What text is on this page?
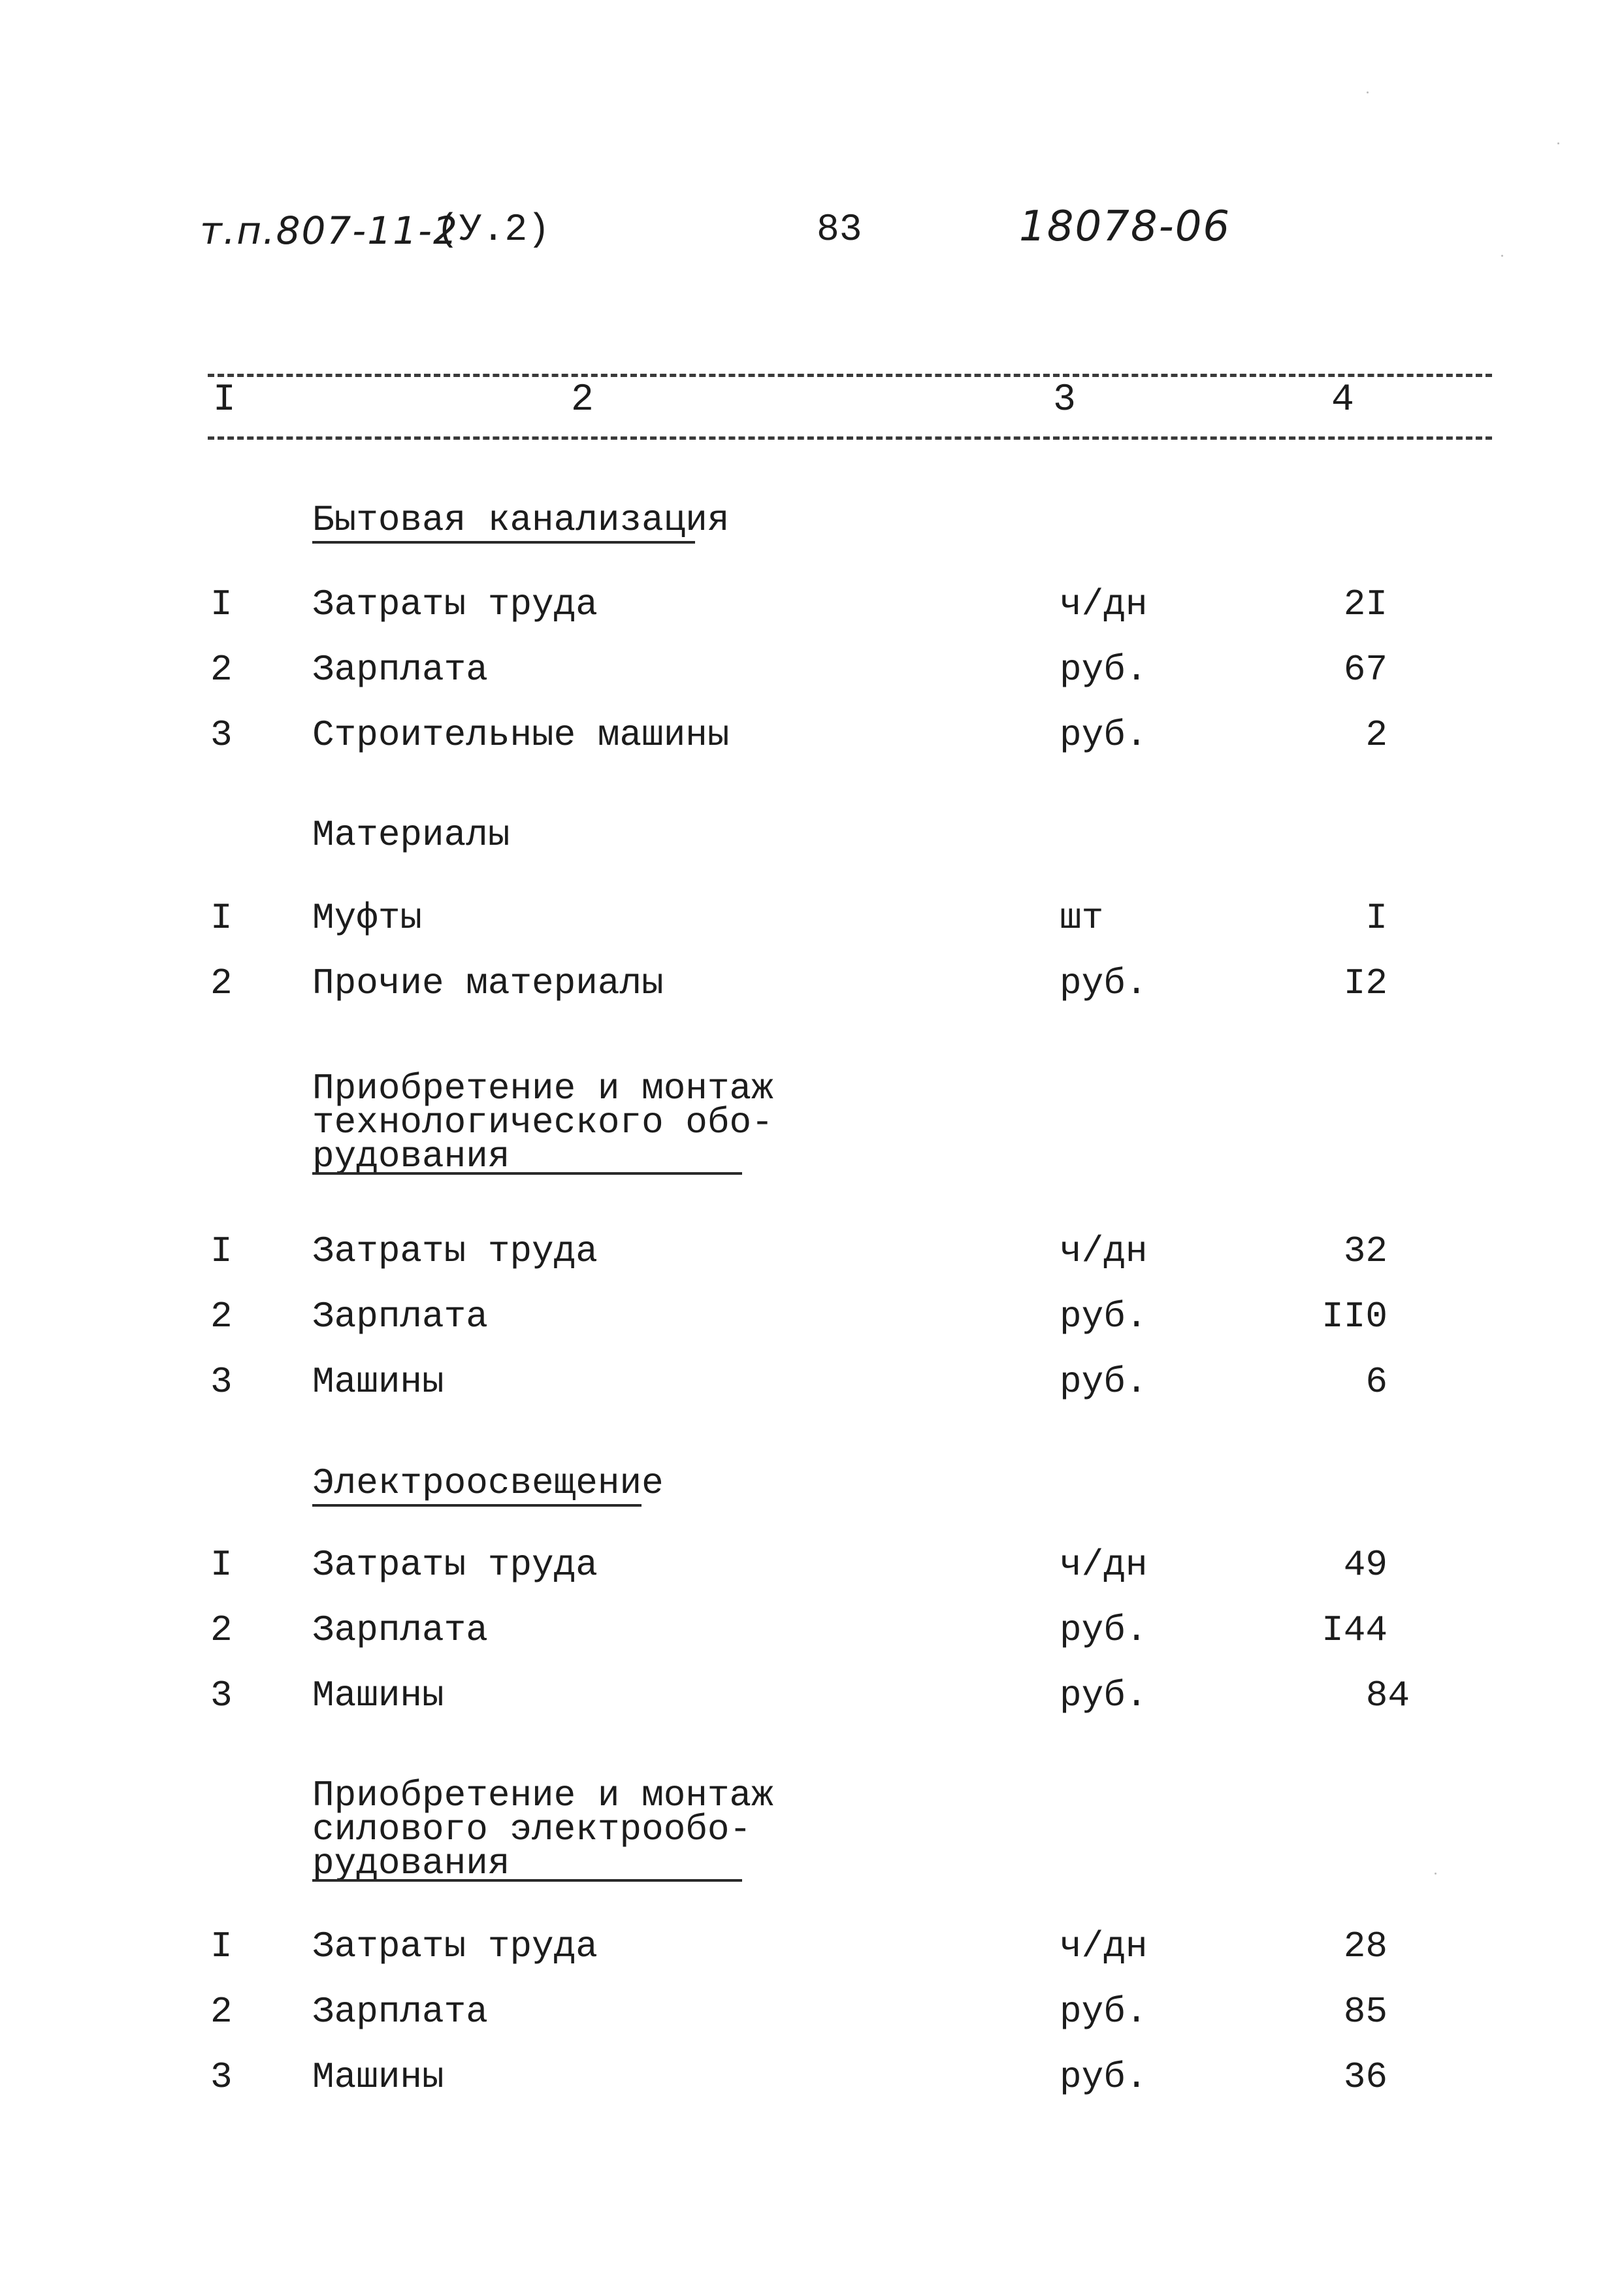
т.п.807-11-2
(У.2)	83	18078-06
I	2	3	4
Бытовая канализация
I Затраты труда	ч/дн	2I
2 Зарплата	руб.	67
3 Строительные машины	руб.	2
Материалы
I Муфты	шт	I
2 Прочие материалы	руб.	I2
Приобретение и монтаж
технологического обо-
рудования
I Затраты труда	ч/дн	32
2 Зарплата	руб.	II0
3 Машины	руб.	6
Электроосвещение
I Затраты труда	ч/дн	49
2 Зарплата	руб.	I44
3 Машины	руб.	84
Приобретение и монтаж
силового электрообо-
рудования
I Затраты труда	ч/дн	28
2 Зарплата	руб.	85
3 Машины	руб.	36
